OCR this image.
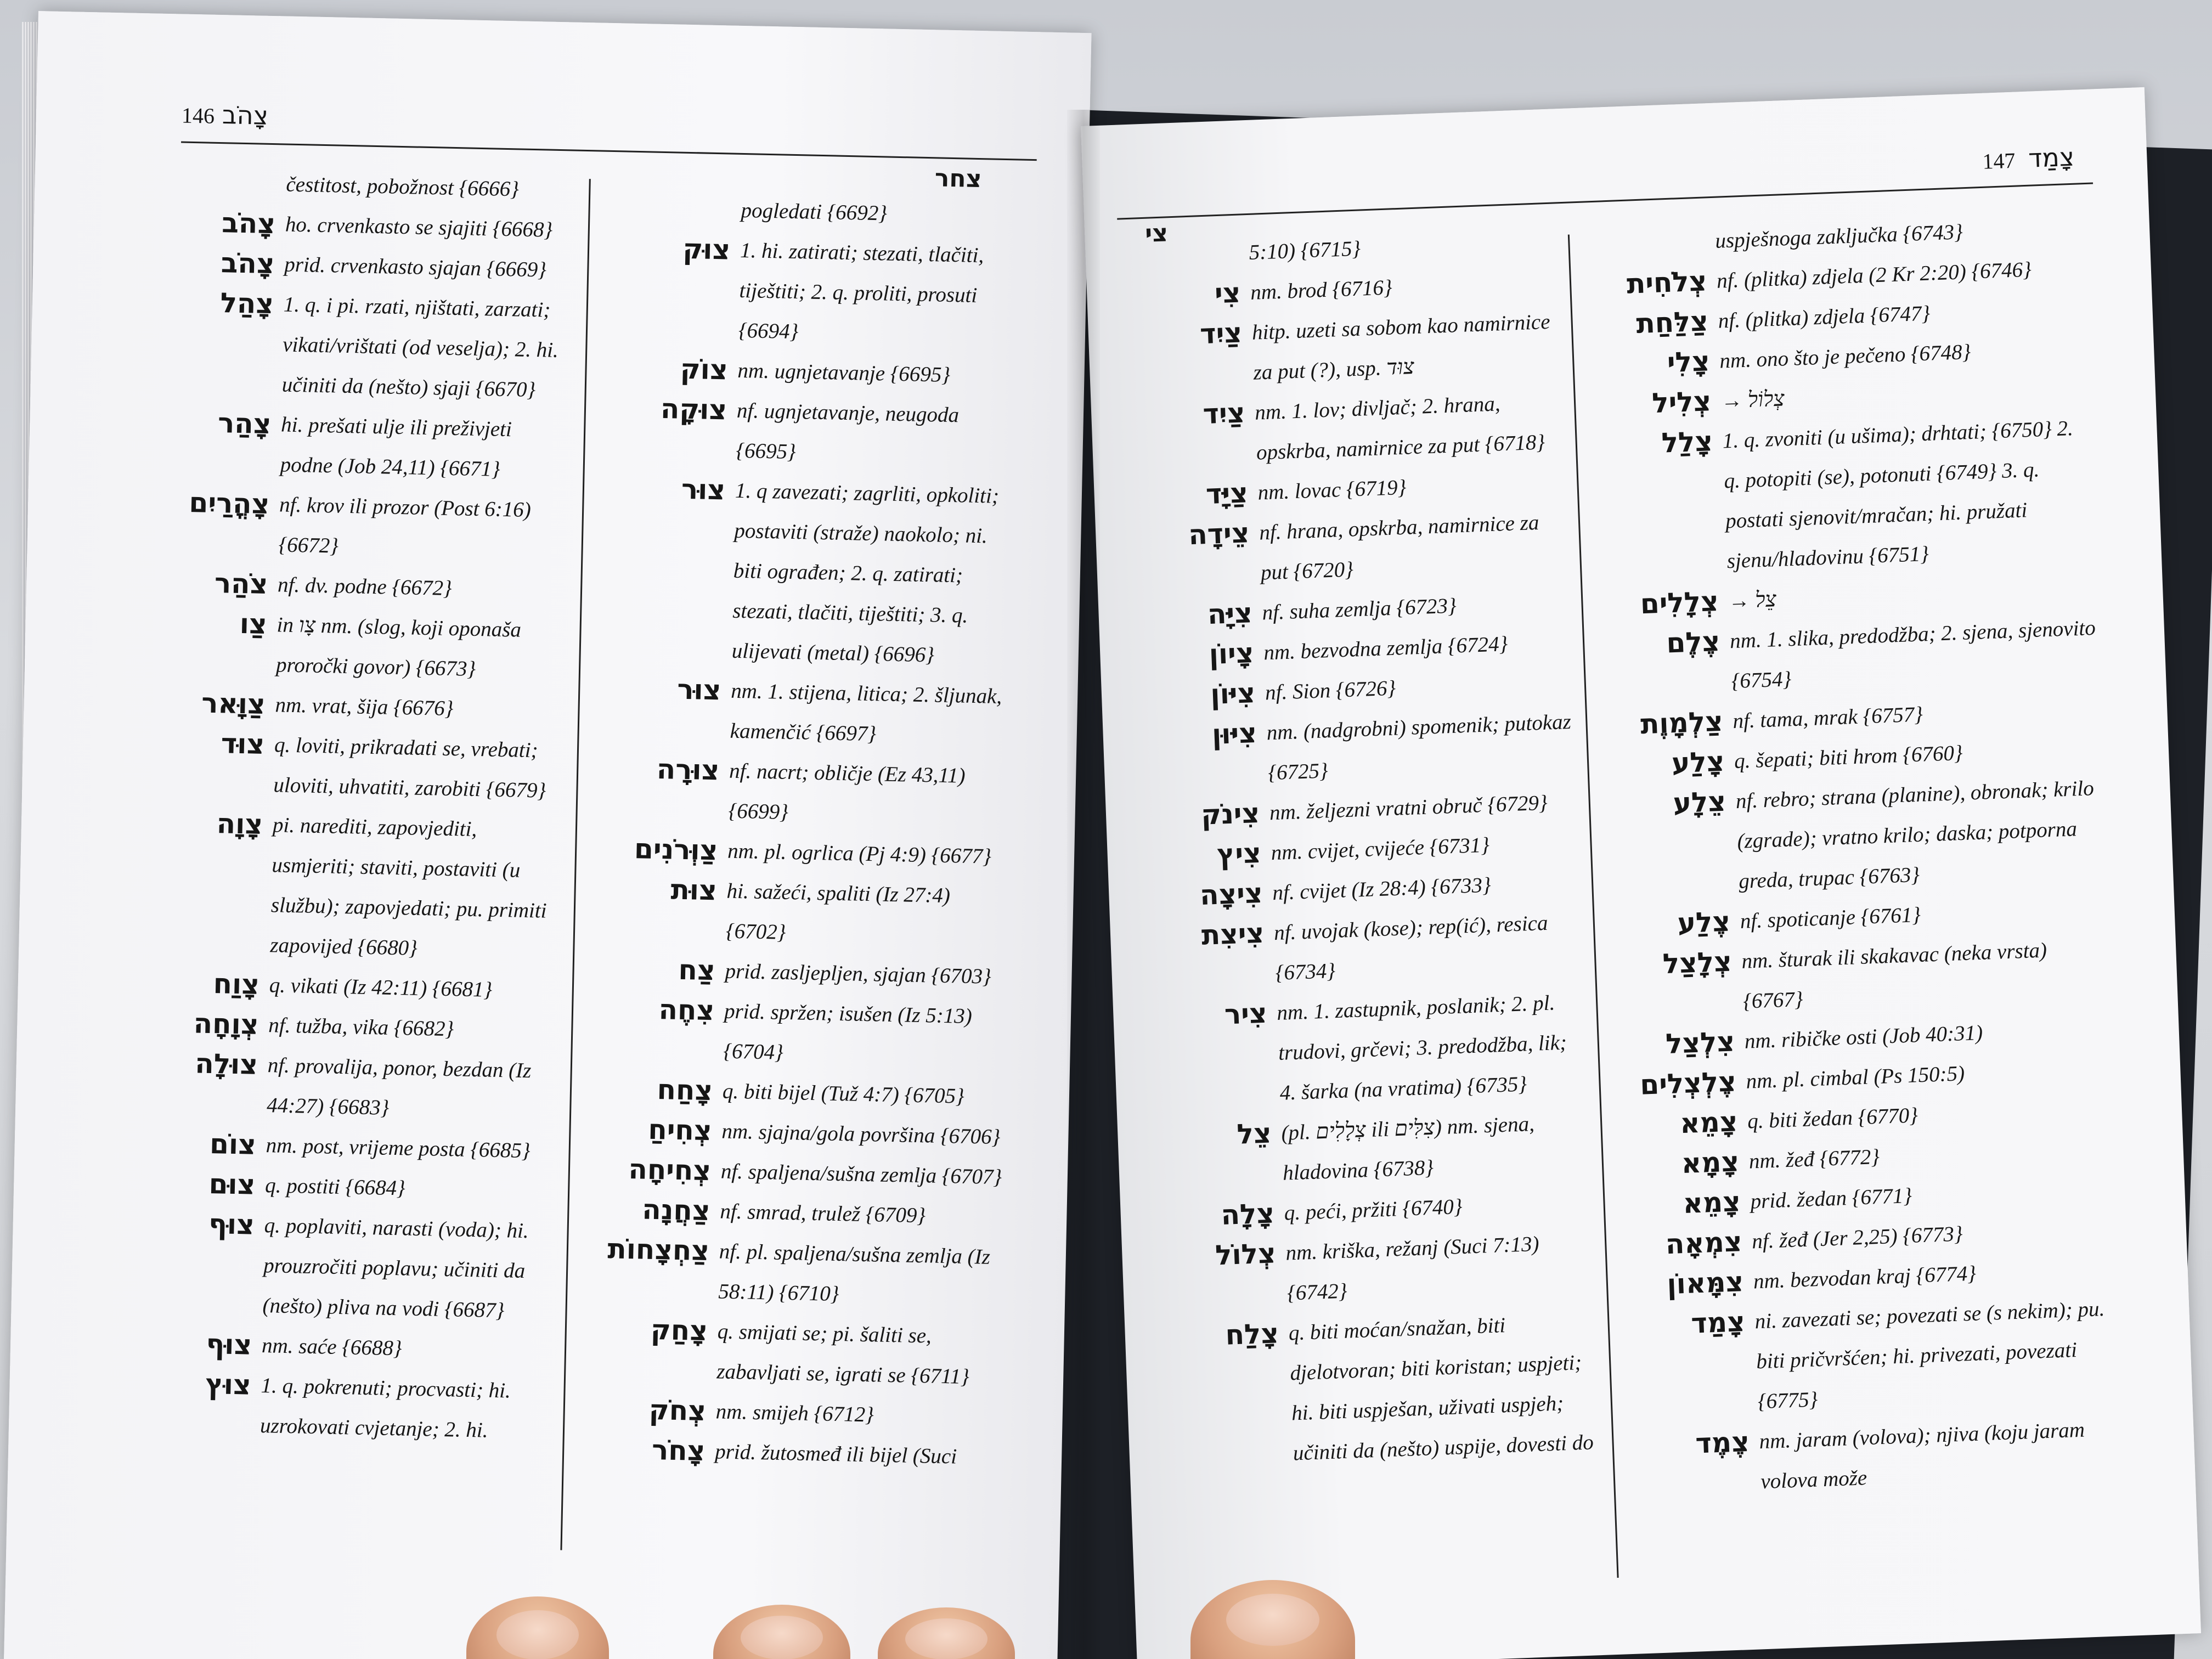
146 צָהֹב
צחר
čestitost, pobožnost {6666}
צָהֹב ho. crvenkasto se sjajiti {6668}
צָהֹב prid. crvenkasto sjajan {6669}
צָהַל 1. q. i pi. rzati, njištati, zarzati; vikati/vrištati (od veselja); 2. hi. učiniti da (nešto) sjaji {6670}
צָהַר hi. prešati ulje ili preživjeti podne (Job 24,11) {6671}
צָהֳרַיִם nf. krov ili prozor (Post 6:16) {6672}
צֹהַר nf. dv. podne {6672}
צַו in צָו nm. (slog, koji oponaša proročki govor) {6673}
צַוָּאר nm. vrat, šija {6676}
צוּד q. loviti, prikradati se, vrebati; uloviti, uhvatiti, zarobiti {6679}
צָוָה pi. narediti, zapovjediti, usmjeriti; staviti, postaviti (u službu); zapovjedati; pu. primiti zapovijed {6680}
צָוַח q. vikati (Iz 42:11) {6681}
צְוָחָה nf. tužba, vika {6682}
צוּלָה nf. provalija, ponor, bezdan (Iz 44:27) {6683}
צוֹם nm. post, vrijeme posta {6685}
צוּם q. postiti {6684}
צוּף q. poplaviti, narasti (voda); hi. prouzročiti poplavu; učiniti da (nešto) pliva na vodi {6687}
צוּף nm. saće {6688}
צוּץ 1. q. pokrenuti; procvasti; hi. uzrokovati cvjetanje; 2. hi.
pogledati {6692}
צוּק 1. hi. zatirati; stezati, tlačiti, tiještiti; 2. q. proliti, prosuti {6694}
צוֹק nm. ugnjetavanje {6695}
צוּקָה nf. ugnjetavanje, neugoda {6695}
צוּר 1. q zavezati; zagrliti, opkoliti; postaviti (straže) naokolo; ni. biti ograđen; 2. q. zatirati; stezati, tlačiti, tiještiti; 3. q. ulijevati (metal) {6696}
צוּר nm. 1. stijena, litica; 2. šljunak, kamenčić {6697}
צוּרָה nf. nacrt; obličje (Ez 43,11) {6699}
צַוְּרֹנִים nm. pl. ogrlica (Pj 4:9) {6677}
צוּת hi. sažeći, spaliti (Iz 27:4) {6702}
צַח prid. zasljepljen, sjajan {6703}
צִחֶה prid. spržen; isušen (Iz 5:13) {6704}
צָחַח q. biti bijel (Tuž 4:7) {6705}
צְחִיחַ nm. sjajna/gola površina {6706}
צְחִיחָה nf. spaljena/sušna zemlja {6707}
צַחֲנָה nf. smrad, trulež {6709}
צַחְצָחוֹת nf. pl. spaljena/sušna zemlja (Iz 58:11) {6710}
צָחַק q. smijati se; pi. šaliti se, zabavljati se, igrati se {6711}
צְחֹק nm. smijeh {6712}
צָחֹר prid. žutosmeđ ili bijel (Suci
צָמַד 147
צי
5:10) {6715}
צִי nm. brod {6716}
צַיִד hitp. uzeti sa sobom kao namirnice za put (?), usp. צוּד
צַיִד nm. 1. lov; divljač; 2. hrana, opskrba, namirnice za put {6718}
צַיָּד nm. lovac {6719}
צֵידָה nf. hrana, opskrba, namirnice za put {6720}
צִיָּה nf. suha zemlja {6723}
צָיוֹן nm. bezvodna zemlja {6724}
צִיּוֹן nf. Sion {6726}
צִיּוּן nm. (nadgrobni) spomenik; putokaz {6725}
צִינֹק nm. željezni vratni obruč {6729}
צִיץ nm. cvijet, cvijeće {6731}
צִיצָה nf. cvijet (Iz 28:4) {6733}
צִיצִת nf. uvojak (kose); rep(ić), resica {6734}
צִיר nm. 1. zastupnik, poslanik; 2. pl. trudovi, grčevi; 3. predodžba, lik; 4. šarka (na vratima) {6735}
צֵל (pl. צְלָלִים ili צִלִּים) nm. sjena, hladovina {6738}
צָלָה q. peći, pržiti {6740}
צְלוֹל nm. kriška, režanj (Suci 7:13) {6742}
צָלַח q. biti moćan/snažan, biti djelotvoran; biti koristan; uspjeti; hi. biti uspješan, uživati uspjeh; učiniti da (nešto) uspije, dovesti do
uspješnoga zaključka {6743}
צְלֹחִית nf. (plitka) zdjela (2 Kr 2:20) {6746}
צַלַּחַת nf. (plitka) zdjela {6747}
צָלִי nm. ono što je pečeno {6748}
צְלִיל → צְלוֹל
צָלַל 1. q. zvoniti (u ušima); drhtati; {6750} 2. q. potopiti (se), potonuti {6749} 3. q. postati sjenovit/mračan; hi. pružati sjenu/hladovinu {6751}
צְלָלִים → צֵל
צֶלֶם nm. 1. slika, predodžba; 2. sjena, sjenovito {6754}
צַלְמָוֶת nf. tama, mrak {6757}
צָלַע q. šepati; biti hrom {6760}
צֵלָע nf. rebro; strana (planine), obronak; krilo (zgrade); vratno krilo; daska; potporna greda, trupac {6763}
צֶלַע nf. spoticanje {6761}
צְלָצַל nm. šturak ili skakavac (neka vrsta) {6767}
צִלְצַל nm. ribičke osti (Job 40:31)
צֶלְצְלִים nm. pl. cimbal (Ps 150:5)
צָמֵא q. biti žedan {6770}
צָמָא nm. žeđ {6772}
צָמֵא prid. žedan {6771}
צִמְאָה nf. žeđ (Jer 2,25) {6773}
צִמָּאוֹן nm. bezvodan kraj {6774}
צָמַד ni. zavezati se; povezati se (s nekim); pu. biti pričvršćen; hi. privezati, povezati {6775}
צֶמֶד nm. jaram (volova); njiva (koju jaram volova može
